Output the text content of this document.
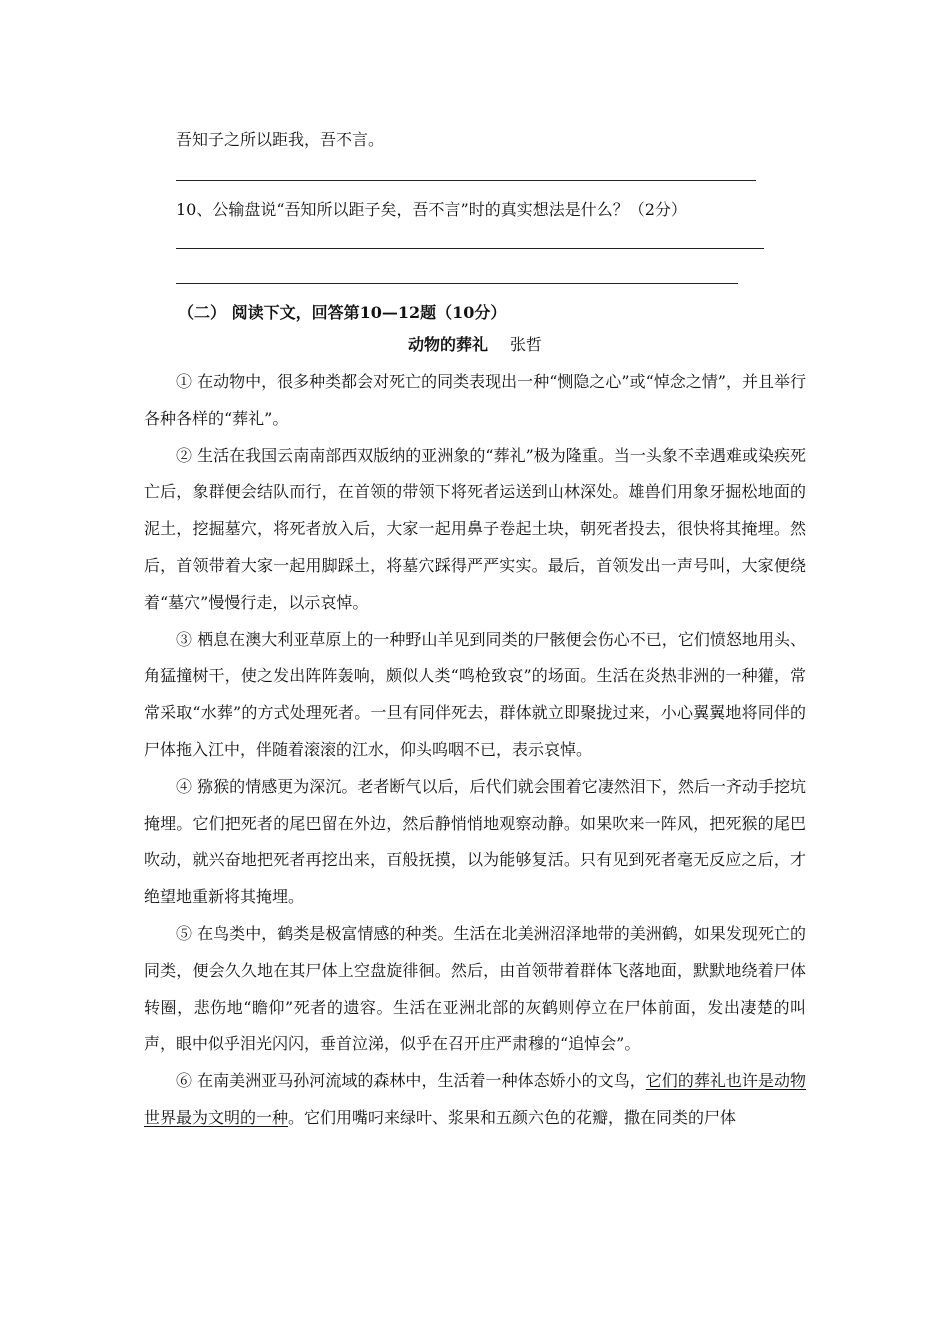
吾知子之所以距我，吾不言。
10、公输盘说“吾知所以距子矣，吾不言”时的真实想法是什么？（2分）
（二） 阅读下文，回答第10—12题（10分）
动物的葬礼 张哲

① 在动物中，很多种类都会对死亡的同类表现出一种“恻隐之心”或“悼念之情”，并且举行各种各样的“葬礼”。

② 生活在我国云南南部西双版纳的亚洲象的“葬礼”极为隆重。当一头象不幸遇难或染疾死亡后，象群便会结队而行，在首领的带领下将死者运送到山林深处。雄兽们用象牙掘松地面的泥土，挖掘墓穴，将死者放入后，大家一起用鼻子卷起土块，朝死者投去，很快将其掩埋。然后，首领带着大家一起用脚踩土，将墓穴踩得严严实实。最后，首领发出一声号叫，大家便绕着“墓穴”慢慢行走，以示哀悼。

③ 栖息在澳大利亚草原上的一种野山羊见到同类的尸骸便会伤心不已，它们愤怒地用头、角猛撞树干，使之发出阵阵轰响，颇似人类“鸣枪致哀”的场面。生活在炎热非洲的一种獾，常常采取“水葬”的方式处理死者。一旦有同伴死去，群体就立即聚拢过来，小心翼翼地将同伴的尸体拖入江中，伴随着滚滚的江水，仰头呜咽不已，表示哀悼。

④ 猕猴的情感更为深沉。老者断气以后，后代们就会围着它凄然泪下，然后一齐动手挖坑掩埋。它们把死者的尾巴留在外边，然后静悄悄地观察动静。如果吹来一阵风，把死猴的尾巴吹动，就兴奋地把死者再挖出来，百般抚摸，以为能够复活。只有见到死者毫无反应之后，才绝望地重新将其掩埋。

⑤ 在鸟类中，鹤类是极富情感的种类。生活在北美洲沼泽地带的美洲鹤，如果发现死亡的同类，便会久久地在其尸体上空盘旋徘徊。然后，由首领带着群体飞落地面，默默地绕着尸体转圈，悲伤地“瞻仰”死者的遗容。生活在亚洲北部的灰鹤则停立在尸体前面，发出凄楚的叫声，眼中似乎泪光闪闪，垂首泣涕，似乎在召开庄严肃穆的“追悼会”。

⑥ 在南美洲亚马孙河流域的森林中，生活着一种体态娇小的文鸟，它们的葬礼也许是动物世界最为文明的一种。它们用嘴叼来绿叶、浆果和五颜六色的花瓣，撒在同类的尸体
